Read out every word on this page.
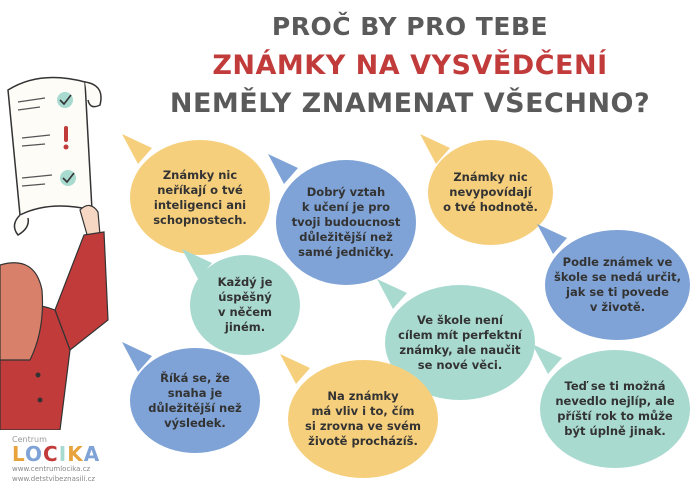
PROČ BY PRO TEBE
ZNÁMKY NA VYSVĚDČENÍ
NEMĚLY ZNAMENAT VŠECHNO?
Známky nic
neříkají o tvé
inteligenci ani
schopnostech.
Dobrý vztah
k učení je pro
tvoji budoucnost
důležitější než
samé jedničky.
Známky nic
nevypovídají
o tvé hodnotě.
Podle známek ve
škole se nedá určit,
jak se ti povede
v životě.
Každý je
úspěšný
v něčem
jiném.
Ve škole není
cílem mít perfektní
známky, ale naučit
se nové věci.
Říká se, že
snaha je
důležitější než
výsledek.
Na známky
má vliv i to, čím
si zrovna ve svém
životě procházíš.
Teď se ti možná
nevedlo nejlíp, ale
příští rok to může
být úplně jinak.
Centrum
LOCIKA
www.centrumlocika.cz
www.detstvibeznasili.cz
